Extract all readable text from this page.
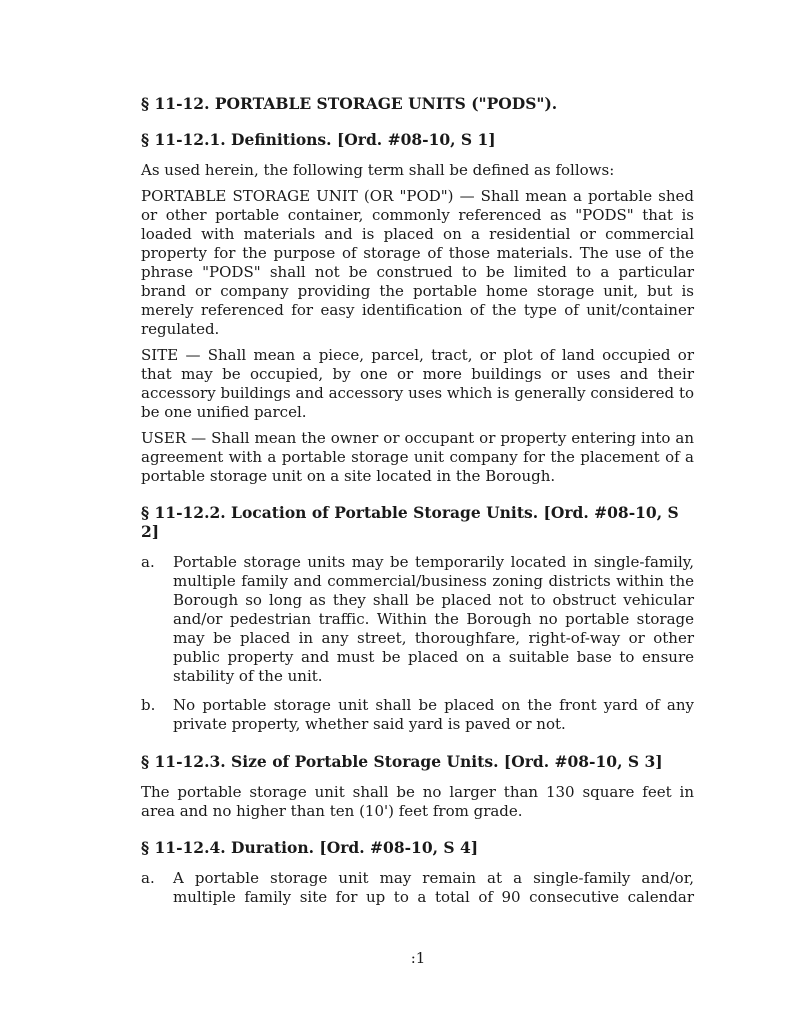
§ 11-12. PORTABLE STORAGE UNITS ("PODS").
§ 11-12.1. Definitions. [Ord. #08-10, S 1]
As used herein, the following term shall be defined as follows:
PORTABLE STORAGE UNIT (OR "POD") — Shall mean a portable shed or other portable container, commonly referenced as "PODS" that is loaded with materials and is placed on a residential or commercial property for the purpose of storage of those materials. The use of the phrase "PODS" shall not be construed to be limited to a particular brand or company providing the portable home storage unit, but is merely referenced for easy identification of the type of unit/container regulated.
SITE — Shall mean a piece, parcel, tract, or plot of land occupied or that may be occupied, by one or more buildings or uses and their accessory buildings and accessory uses which is generally considered to be one unified parcel.
USER — Shall mean the owner or occupant or property entering into an agreement with a portable storage unit company for the placement of a portable storage unit on a site located in the Borough.
§ 11-12.2. Location of Portable Storage Units. [Ord. #08-10, S 2]
a.	Portable storage units may be temporarily located in single-family, multiple family and commercial/business zoning districts within the Borough so long as they shall be placed not to obstruct vehicular and/or pedestrian traffic. Within the Borough no portable storage may be placed in any street, thoroughfare, right-of-way or other public property and must be placed on a suitable base to ensure stability of the unit.
b.	No portable storage unit shall be placed on the front yard of any private property, whether said yard is paved or not.
§ 11-12.3. Size of Portable Storage Units. [Ord. #08-10, S 3]
The portable storage unit shall be no larger than 130 square feet in area and no higher than ten (10') feet from grade.
§ 11-12.4. Duration. [Ord. #08-10, S 4]
a.	A portable storage unit may remain at a single-family and/or, multiple family site for up to a total of 90 consecutive calendar
:1
